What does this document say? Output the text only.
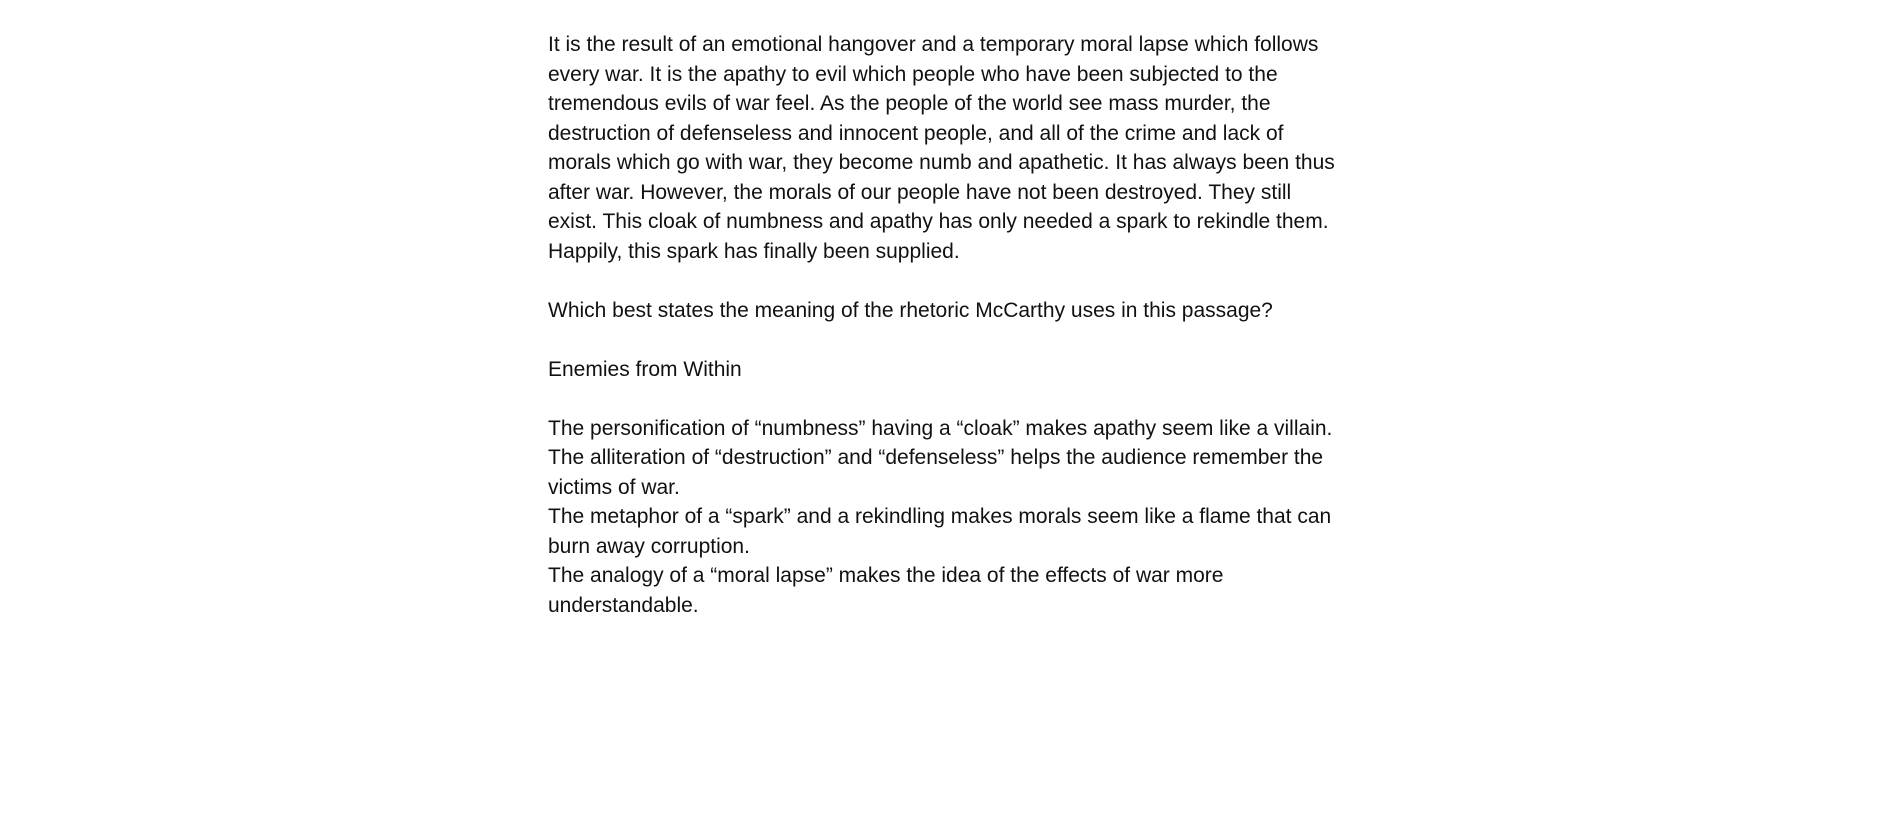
It is the result of an emotional hangover and a temporary moral lapse which follows every war. It is the apathy to evil which people who have been subjected to the tremendous evils of war feel. As the people of the world see mass murder, the destruction of defenseless and innocent people, and all of the crime and lack of morals which go with war, they become numb and apathetic. It has always been thus after war. However, the morals of our people have not been destroyed. They still exist. This cloak of numbness and apathy has only needed a spark to rekindle them. Happily, this spark has finally been supplied.

Which best states the meaning of the rhetoric McCarthy uses in this passage?

Enemies from Within

The personification of “numbness” having a “cloak” makes apathy seem like a villain.
The alliteration of “destruction” and “defenseless” helps the audience remember the victims of war.
The metaphor of a “spark” and a rekindling makes morals seem like a flame that can burn away corruption.
The analogy of a “moral lapse” makes the idea of the effects of war more understandable.
